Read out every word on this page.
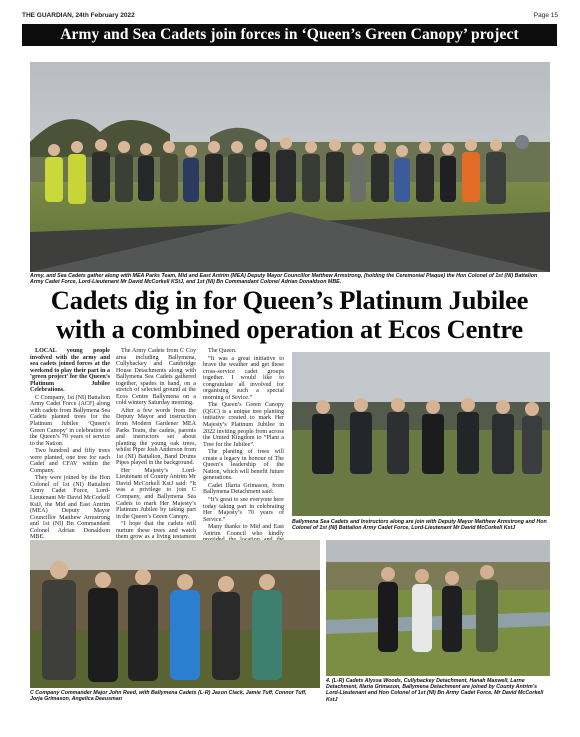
THE GUARDIAN, 24th February 2022	Page 15
Army and Sea Cadets join forces in ‘Queen’s Green Canopy’ project
Army, and Sea Cadets gather along with MEA Parks Team, Mid and East Antrim (MEA) Deputy Mayor Councillor Matthew Armstrong, (holding the Ceremonial Plaque) the Hon Colonel of 1st (NI) Battalion Army Cadet Force, Lord-Lieutenant Mr David McCorkell KStJ, and 1st (NI) Bn Commandant Colonel Adrian Donaldson MBE.
Cadets dig in for Queen’s Platinum Jubilee
with a combined operation at Ecos Centre

LOCAL young people involved with the army and sea cadets joined forces at the weekend to play their part in a ‘green project’ for the Queen’s Platinum Jubilee Celebrations.

C Company, 1st (NI) Battalion Army Cadet Force (ACF) along with cadets from Ballymena Sea Cadets planted trees for the Platinum Jubilee ‘Queen’s Green Canopy’ in celebration of the Queen’s 70 years of service to the Nation.

Two hundred and fifty trees were planted, one tree for each Cadet and CFAV within the Company.

They were joined by the Hon Colonel of 1st (NI) Battalion Army Cadet Force, Lord-Lieutenant Mr David McCorkell KstJ, the Mid and East Antrim (MEA) Deputy Mayor Councillor Matthew Armstrong and 1st (NI) Bn Commandant Colonel Adrian Donaldson MBE.

The Army Cadets from C Coy area including Ballymena, Cullybackey and Cambridge House Detachments along with Ballymena Sea Cadets gathered together, spades in hand, on a stretch of selected ground at the Ecos Centre Ballymena on a cold wintery Saturday morning.

After a few words from the Deputy Mayor and instruction from Modern Gardener MEA Parks Team, the cadets, parents and instructors set about planting the young oak trees, whilst Piper Josh Anderson from 1st (NI) Battalion, Band Drums Pipes played in the background.

Her Majesty’s Lord-Lieutenant of County Antrim Mr David McCorkell KstJ said: “It was a privilege to join C Company, and Ballymena Sea Cadets to mark Her Majesty’s Platinum Jubilee by taking part in the Queen’s Green Canopy.

“I hope that the cadets will nurture these trees and watch them grow as a living testament

The Queen.

“It was a great initiative to brave the weather and get these cross-service cadet groups together. I would like to congratulate all involved for organising such a special morning of Sevice.”

The Queen’s Green Canopy (QGC) is a unique tree planting initiative created to mark Her Majesty’s Platinum Jubilee in 2022 inviting people from across the United Kingdom to “Plant a Tree for the Jubilee”.

The planting of trees will create a legacy in honour of The Queen’s leadership of the Nation, which will benefit future generations.

Cadet Illaria Grimason, from Ballymena Detachment said:

“It’s great to see everyone here today taking part in celebrating Her Majesty’s 70 years of Service.”

Many thanks to Mid and East Antrim Council who kindly

Ballymena Sea Cadets and Instructors along are join with Deputy Mayor Matthew Armstrong and Hon Colonel of 1st (NI) Battalion Army Cadet Force, Lord-Lieutenant Mr David McCorkell KstJ
C Company Commander Major John Reed, with Ballymena Cadets (L-R) Jason Clack, Jamie Tuff, Connor Tuff, Jorja Grimason, Angelica Deeusman
4. (L-R) Cadets Alyssa Woods, Cullybackey Detachment, Hanah Maxwell, Larne Detachment, Illaria Grimason, Ballymena Detachment are joined by County Antrim’s Lord-Lieutenant and Hon Colonel of 1st (NI) Bn Army Cadet Force, Mr David McCorkell KstJ
